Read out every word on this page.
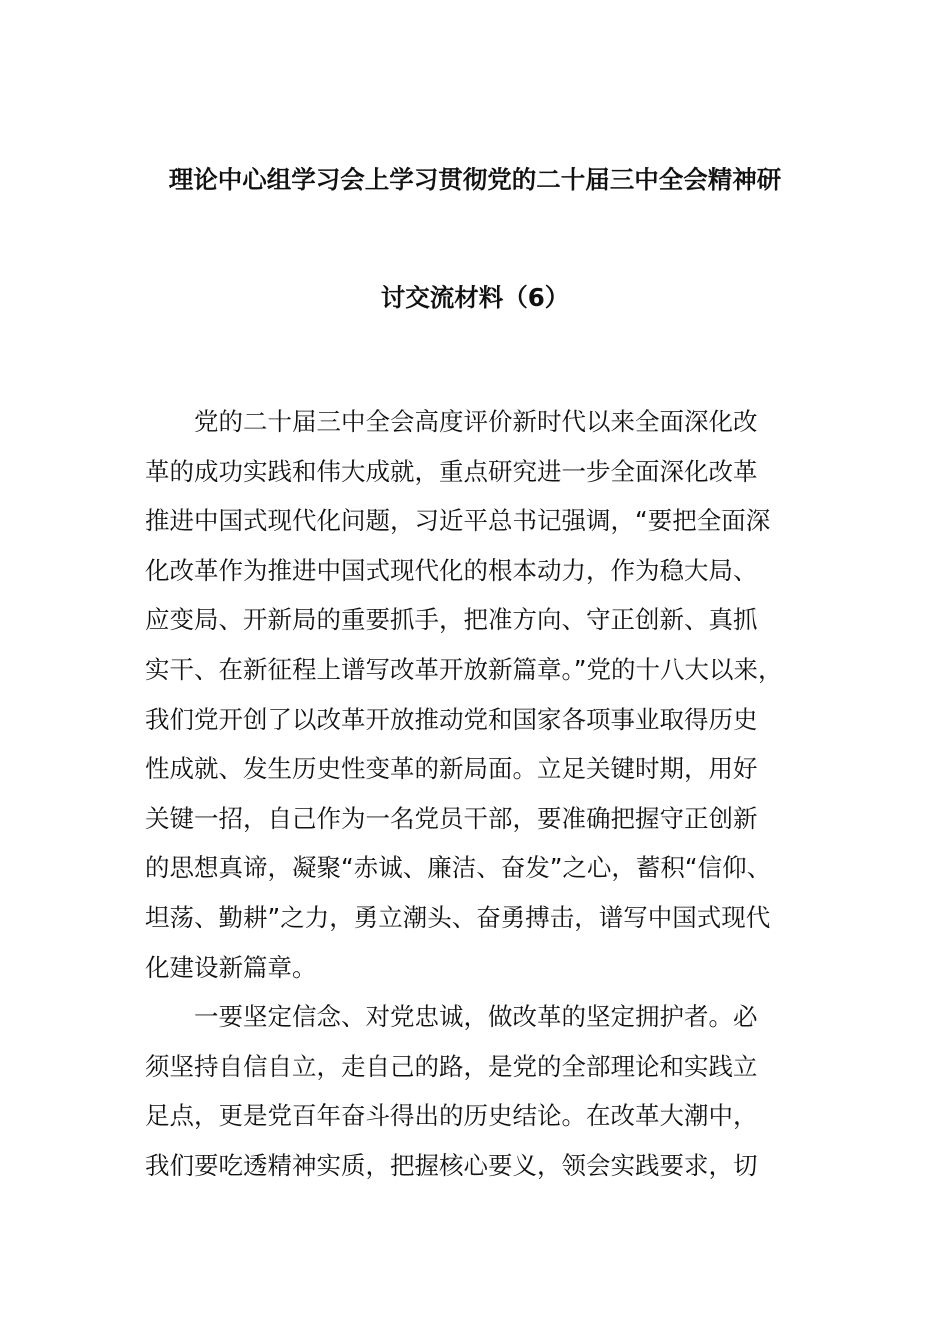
理论中心组学习会上学习贯彻党的二十届三中全会精神研
讨交流材料（6）
党的二十届三中全会高度评价新时代以来全面深化改
革的成功实践和伟大成就，重点研究进一步全面深化改革
推进中国式现代化问题，习近平总书记强调，“要把全面深
化改革作为推进中国式现代化的根本动力，作为稳大局、
应变局、开新局的重要抓手，把准方向、守正创新、真抓
实干、在新征程上谱写改革开放新篇章。”党的十八大以来，
我们党开创了以改革开放推动党和国家各项事业取得历史
性成就、发生历史性变革的新局面。立足关键时期，用好
关键一招，自己作为一名党员干部，要准确把握守正创新
的思想真谛，凝聚“赤诚、廉洁、奋发”之心，蓄积“信仰、
坦荡、勤耕”之力，勇立潮头、奋勇搏击，谱写中国式现代
化建设新篇章。
一要坚定信念、对党忠诚，做改革的坚定拥护者。必
须坚持自信自立，走自己的路，是党的全部理论和实践立
足点，更是党百年奋斗得出的历史结论。在改革大潮中，
我们要吃透精神实质，把握核心要义，领会实践要求，切
